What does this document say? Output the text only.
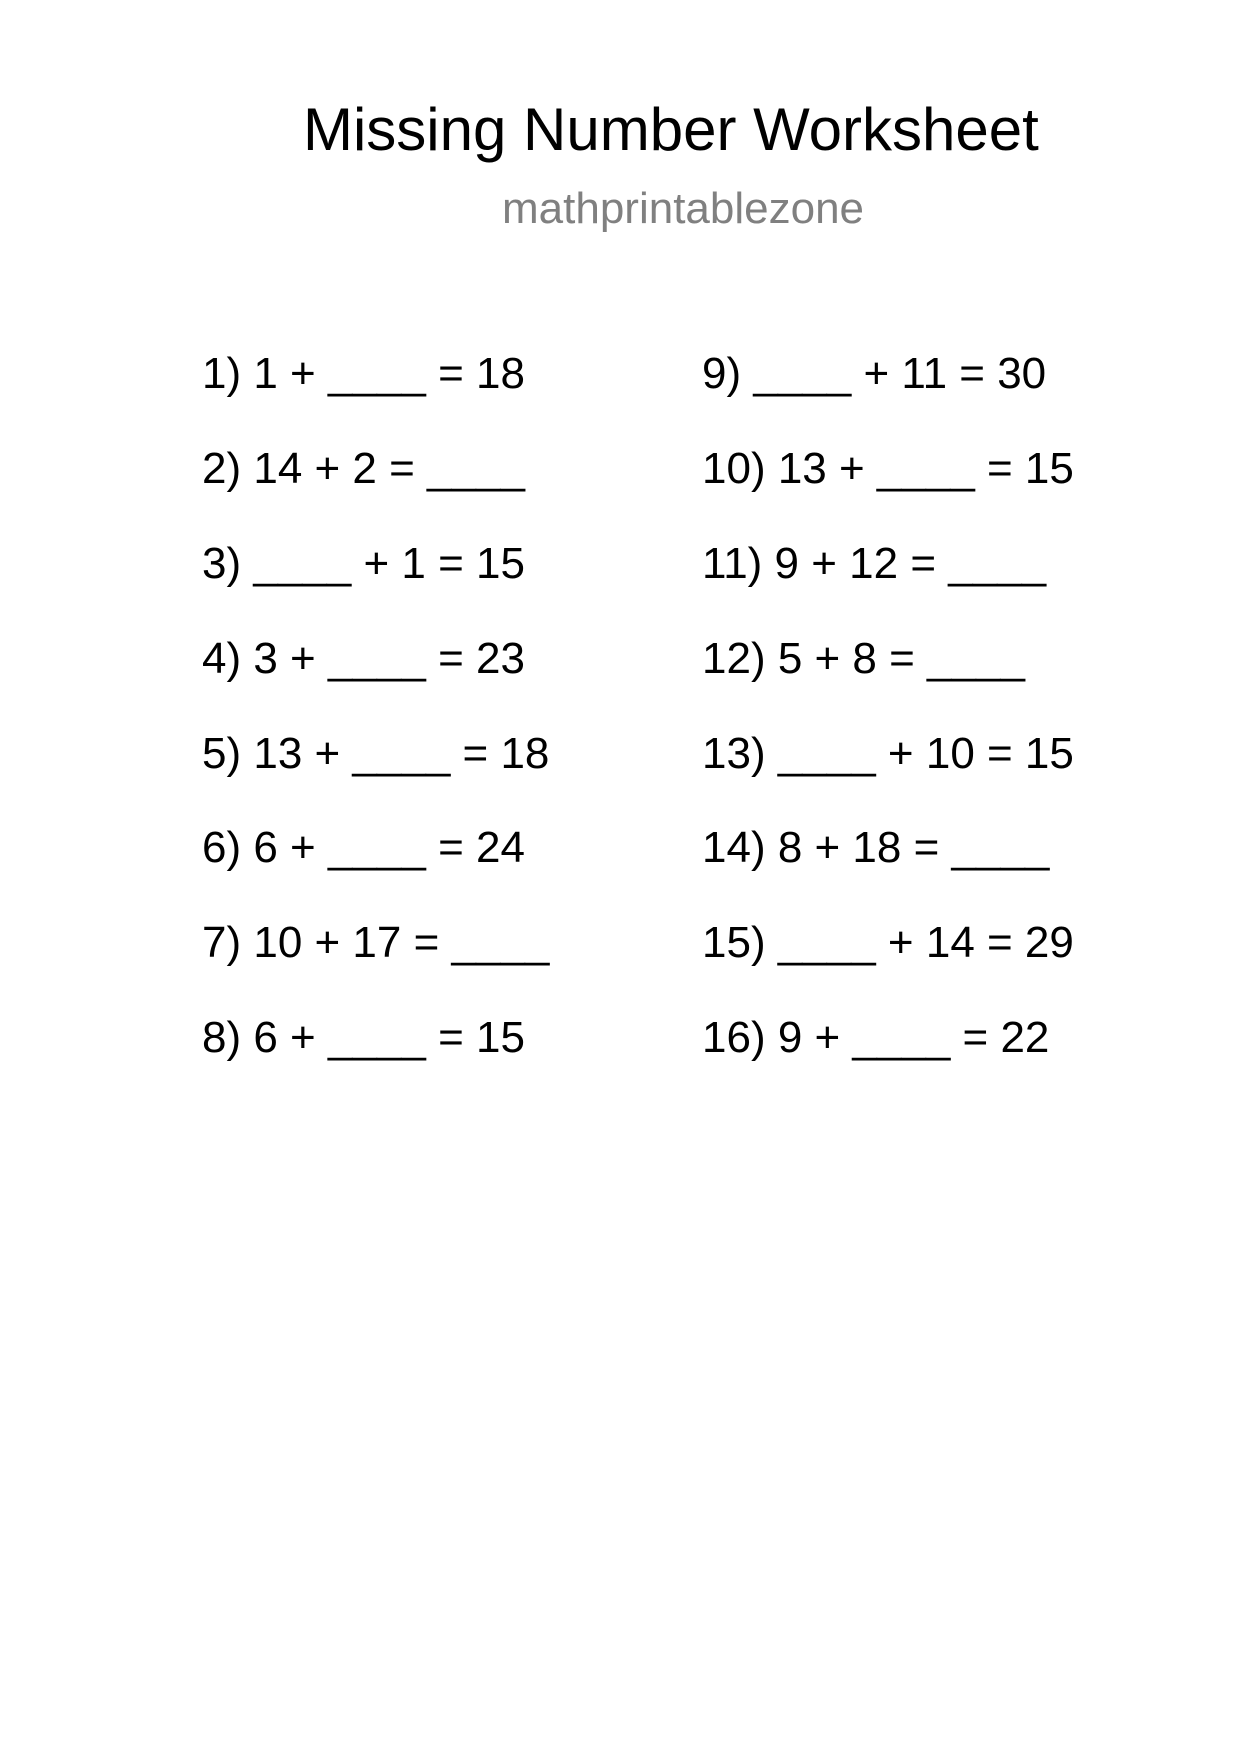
Missing Number Worksheet
mathprintablezone
1) 1 + ____ = 18
2) 14 + 2 = ____
3) ____ + 1 = 15
4) 3 + ____ = 23
5) 13 + ____ = 18
6) 6 + ____ = 24
7) 10 + 17 = ____
8) 6 + ____ = 15
9) ____ + 11 = 30
10) 13 + ____ = 15
11) 9 + 12 = ____
12) 5 + 8 = ____
13) ____ + 10 = 15
14) 8 + 18 = ____
15) ____ + 14 = 29
16) 9 + ____ = 22
